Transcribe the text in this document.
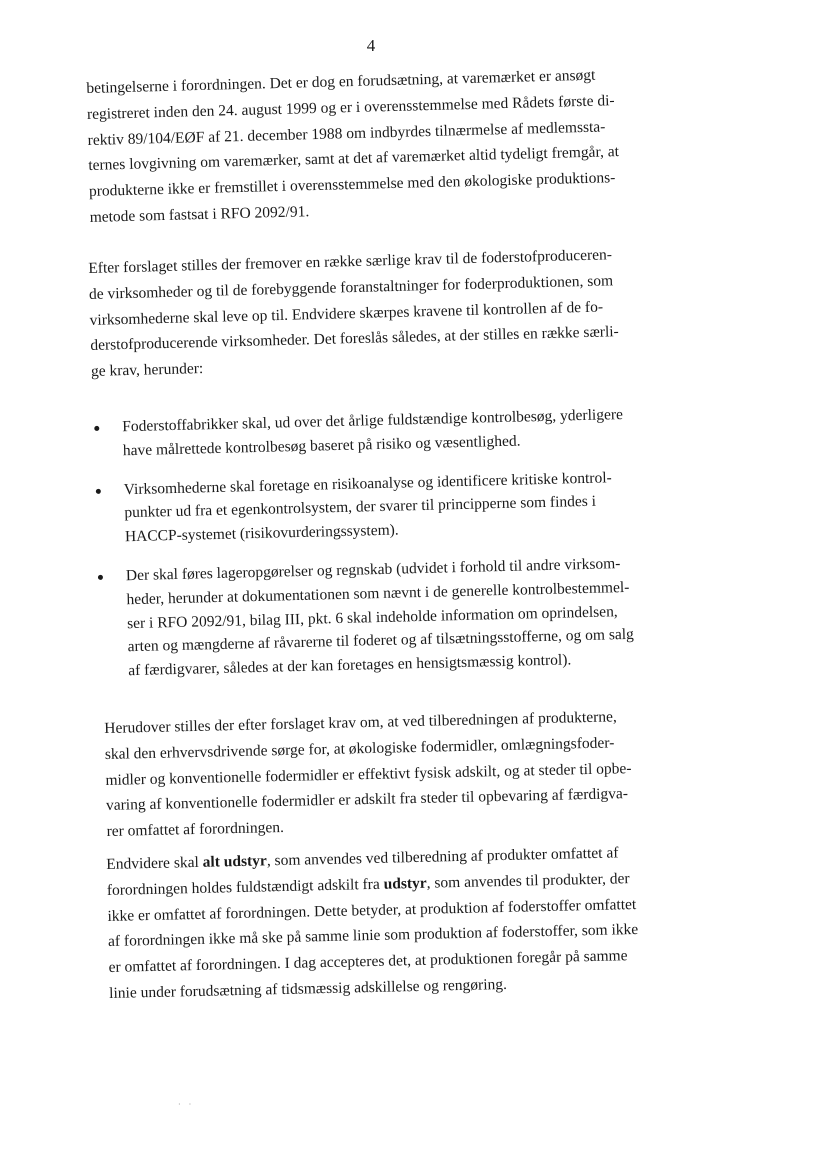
4
betingelserne i forordningen. Det er dog en forudsætning, at varemærket er ansøgt
registreret inden den 24. august 1999 og er i overensstemmelse med Rådets første di-
rektiv 89/104/EØF af 21. december 1988 om indbyrdes tilnærmelse af medlemssta-
ternes lovgivning om varemærker, samt at det af varemærket altid tydeligt fremgår, at
produkterne ikke er fremstillet i overensstemmelse med den økologiske produktions-
metode som fastsat i RFO 2092/91.
Efter forslaget stilles der fremover en række særlige krav til de foderstofproduceren-
de virksomheder og til de forebyggende foranstaltninger for foderproduktionen, som
virksomhederne skal leve op til. Endvidere skærpes kravene til kontrollen af de fo-
derstofproducerende virksomheder. Det foreslås således, at der stilles en række særli-
ge krav, herunder:
Foderstoffabrikker skal, ud over det årlige fuldstændige kontrolbesøg, yderligere
have målrettede kontrolbesøg baseret på risiko og væsentlighed.
Virksomhederne skal foretage en risikoanalyse og identificere kritiske kontrol-
punkter ud fra et egenkontrolsystem, der svarer til principperne som findes i
HACCP-systemet (risikovurderingssystem).
Der skal føres lageropgørelser og regnskab (udvidet i forhold til andre virksom-
heder, herunder at dokumentationen som nævnt i de generelle kontrolbestemmel-
ser i RFO 2092/91, bilag III, pkt. 6 skal indeholde information om oprindelsen,
arten og mængderne af råvarerne til foderet og af tilsætningsstofferne, og om salg
af færdigvarer, således at der kan foretages en hensigtsmæssig kontrol).
Herudover stilles der efter forslaget krav om, at ved tilberedningen af produkterne,
skal den erhvervsdrivende sørge for, at økologiske fodermidler, omlægningsfoder-
midler og konventionelle fodermidler er effektivt fysisk adskilt, og at steder til opbe-
varing af konventionelle fodermidler er adskilt fra steder til opbevaring af færdigva-
rer omfattet af forordningen.
Endvidere skal alt udstyr, som anvendes ved tilberedning af produkter omfattet af
forordningen holdes fuldstændigt adskilt fra udstyr, som anvendes til produkter, der
ikke er omfattet af forordningen. Dette betyder, at produktion af foderstoffer omfattet
af forordningen ikke må ske på samme linie som produktion af foderstoffer, som ikke
er omfattet af forordningen. I dag accepteres det, at produktionen foregår på samme
linie under forudsætning af tidsmæssig adskillelse og rengøring.
· ·
